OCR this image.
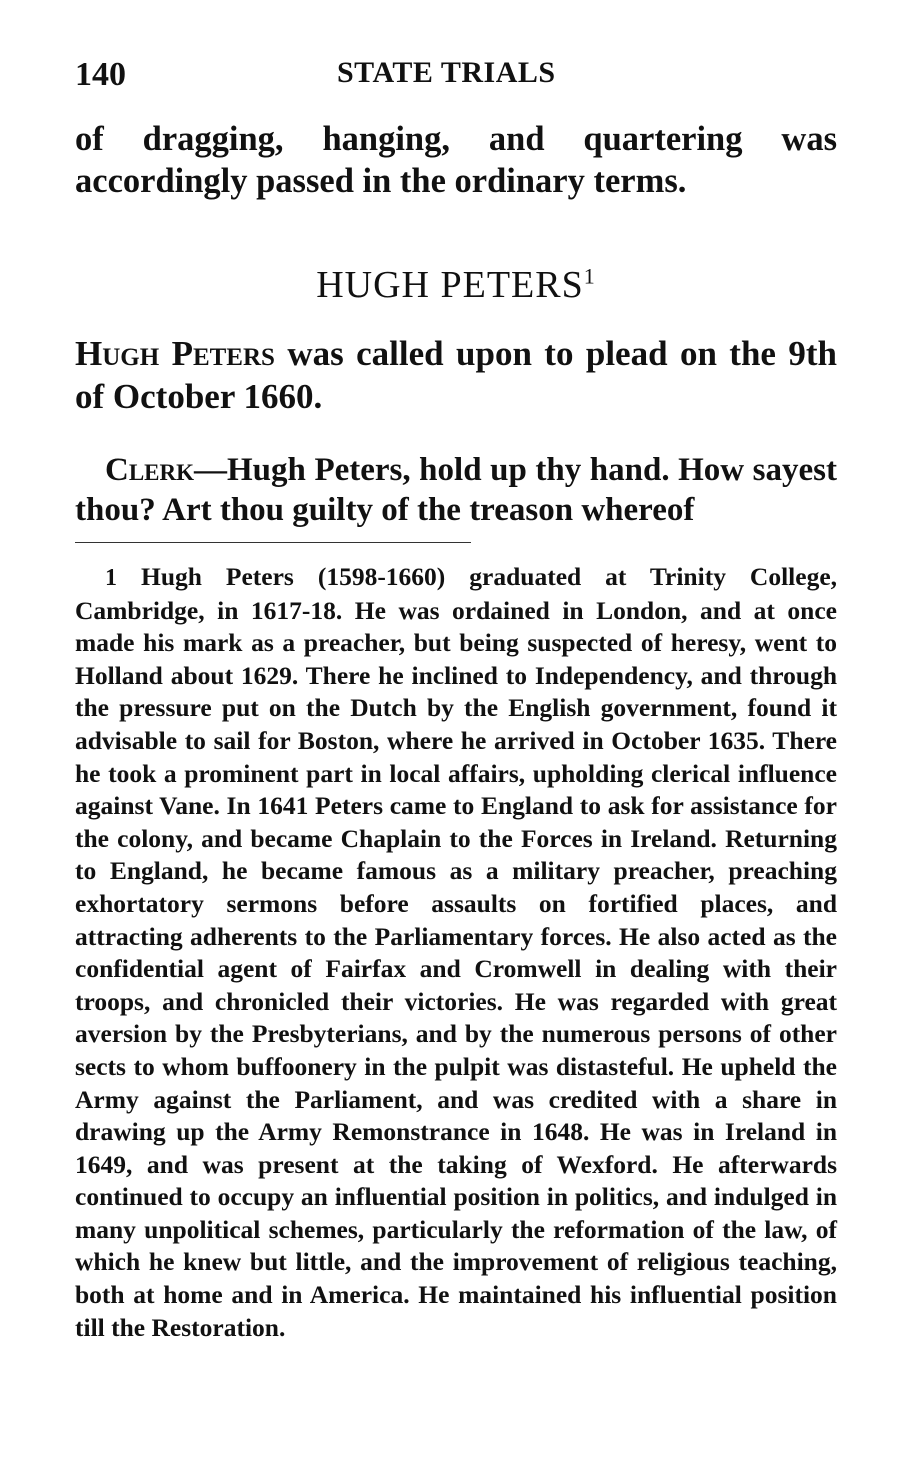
140	STATE TRIALS

of dragging, hanging, and quartering was accordingly passed in the ordinary terms.

HUGH PETERS$^1$

Hugh Peters was called upon to plead on the 9th of October 1660.

Clerk—Hugh Peters, hold up thy hand. How sayest thou? Art thou guilty of the treason whereof

1 Hugh Peters (1598-1660) graduated at Trinity College, Cambridge, in 1617-18. He was ordained in London, and at once made his mark as a preacher, but being suspected of heresy, went to Holland about 1629. There he inclined to Independency, and through the pressure put on the Dutch by the English government, found it advisable to sail for Boston, where he arrived in October 1635. There he took a prominent part in local affairs, upholding clerical influence against Vane. In 1641 Peters came to England to ask for assistance for the colony, and became Chaplain to the Forces in Ireland. Returning to England, he became famous as a military preacher, preaching exhortatory sermons before assaults on fortified places, and attracting adherents to the Parliamentary forces. He also acted as the confidential agent of Fairfax and Cromwell in dealing with their troops, and chronicled their victories. He was regarded with great aversion by the Presbyterians, and by the numerous persons of other sects to whom buffoonery in the pulpit was distasteful. He upheld the Army against the Parliament, and was credited with a share in drawing up the Army Remonstrance in 1648. He was in Ireland in 1649, and was present at the taking of Wexford. He afterwards continued to occupy an influential position in politics, and indulged in many unpolitical schemes, particularly the reformation of the law, of which he knew but little, and the improvement of religious teaching, both at home and in America. He maintained his influential position till the Restoration.
